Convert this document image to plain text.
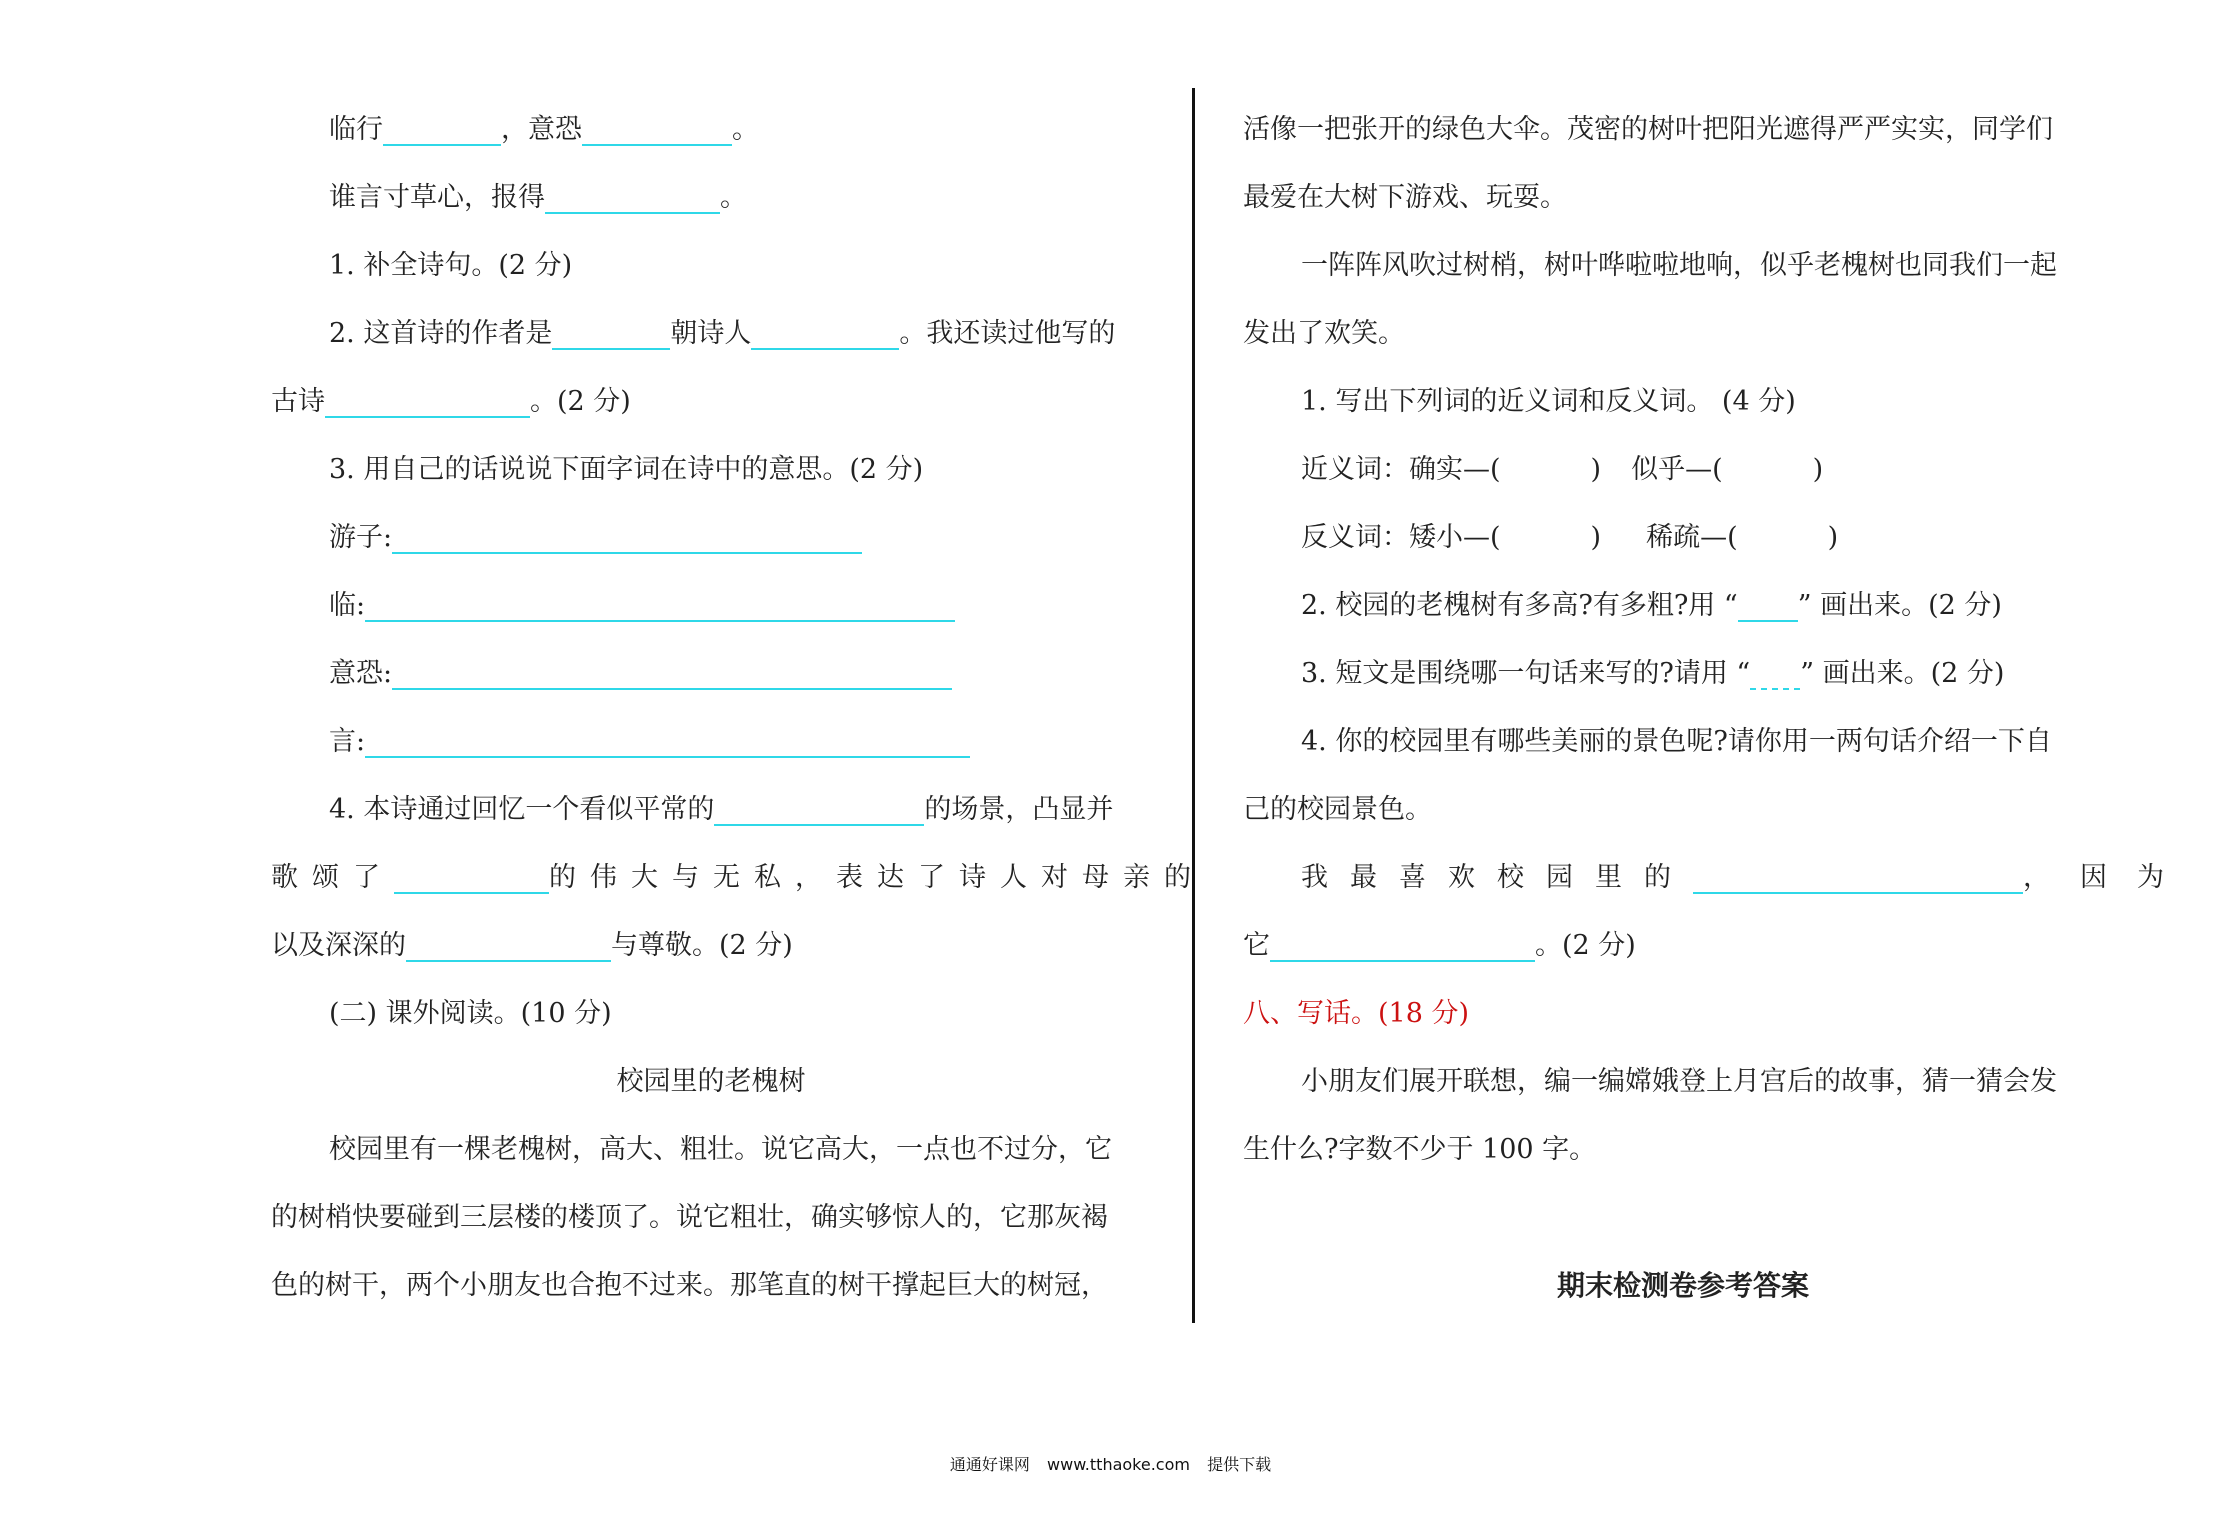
临行	，意恐	。
谁言寸草心，报得	。
1. 补全诗句。(2 分)
2. 这首诗的作者是	朝诗人	。我还读过他写的
古诗	。(2 分)
3. 用自己的话说说下面字词在诗中的意思。(2 分)
游子:
临:
意恐:
言:
4. 本诗通过回忆一个看似平常的	的场景，凸显并
歌颂了	的伟大与无私，表达了诗人对母亲的
以及深深的	与尊敬。(2 分)
(二) 课外阅读。(10 分)
校园里的老槐树
校园里有一棵老槐树，高大、粗壮。说它高大，一点也不过分，它
的树梢快要碰到三层楼的楼顶了。说它粗壮，确实够惊人的，它那灰褐
色的树干，两个小朋友也合抱不过来。那笔直的树干撑起巨大的树冠，
活像一把张开的绿色大伞。茂密的树叶把阳光遮得严严实实，同学们
最爱在大树下游戏、玩耍。
一阵阵风吹过树梢，树叶哗啦啦地响，似乎老槐树也同我们一起
发出了欢笑。
1. 写出下列词的近义词和反义词。 (4 分)
近义词：确实—(	) 似乎—(	)
反义词：矮小—(	) 稀疏—(	)
2. 校园的老槐树有多高?有多粗?用 “ ” 画出来。(2 分)
3. 短文是围绕哪一句话来写的?请用 “ ” 画出来。(2 分)
4. 你的校园里有哪些美丽的景色呢?请你用一两句话介绍一下自
己的校园景色。
我最喜欢校园里的	，因为
它	。(2 分)
八、写话。(18 分)
小朋友们展开联想，编一编嫦娥登上月宫后的故事，猜一猜会发
生什么?字数不少于 100 字。
期末检测卷参考答案
通通好课网 www.tthaoke.com 提供下载
